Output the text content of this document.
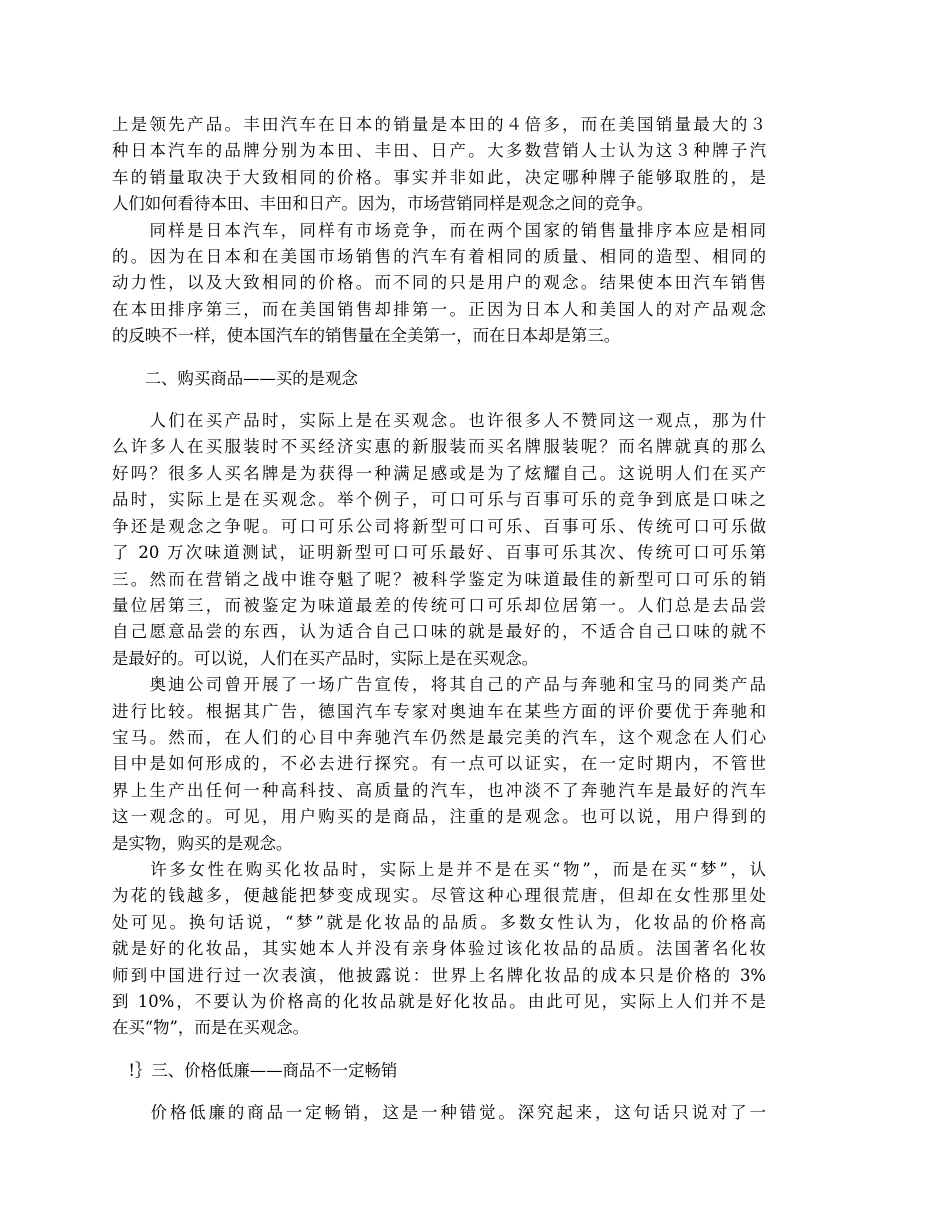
上是领先产品。丰田汽车在日本的销量是本田的４倍多，而在美国销量最大的３
种日本汽车的品牌分别为本田、丰田、日产。大多数营销人士认为这３种牌子汽
车的销量取决于大致相同的价格。事实并非如此，决定哪种牌子能够取胜的，是
人们如何看待本田、丰田和日产。因为，市场营销同样是观念之间的竞争。
　　同样是日本汽车，同样有市场竞争，而在两个国家的销售量排序本应是相同
的。因为在日本和在美国市场销售的汽车有着相同的质量、相同的造型、相同的
动力性，以及大致相同的价格。而不同的只是用户的观念。结果使本田汽车销售
在本田排序第三，而在美国销售却排第一。正因为日本人和美国人的对产品观念
的反映不一样，使本国汽车的销售量在全美第一，而在日本却是第三。
　　二、购买商品——买的是观念
　　人们在买产品时，实际上是在买观念。也许很多人不赞同这一观点，那为什
么许多人在买服装时不买经济实惠的新服装而买名牌服装呢？而名牌就真的那么
好吗？很多人买名牌是为获得一种满足感或是为了炫耀自己。这说明人们在买产
品时，实际上是在买观念。举个例子，可口可乐与百事可乐的竞争到底是口味之
争还是观念之争呢。可口可乐公司将新型可口可乐、百事可乐、传统可口可乐做
了 20 万次味道测试，证明新型可口可乐最好、百事可乐其次、传统可口可乐第
三。然而在营销之战中谁夺魁了呢？被科学鉴定为味道最佳的新型可口可乐的销
量位居第三，而被鉴定为味道最差的传统可口可乐却位居第一。人们总是去品尝
自己愿意品尝的东西，认为适合自己口味的就是最好的，不适合自己口味的就不
是最好的。可以说，人们在买产品时，实际上是在买观念。
　　奥迪公司曾开展了一场广告宣传，将其自己的产品与奔驰和宝马的同类产品
进行比较。根据其广告，德国汽车专家对奥迪车在某些方面的评价要优于奔驰和
宝马。然而，在人们的心目中奔驰汽车仍然是最完美的汽车，这个观念在人们心
目中是如何形成的，不必去进行探究。有一点可以证实，在一定时期内，不管世
界上生产出任何一种高科技、高质量的汽车，也冲淡不了奔驰汽车是最好的汽车
这一观念的。可见，用户购买的是商品，注重的是观念。也可以说，用户得到的
是实物，购买的是观念。
　　许多女性在购买化妆品时，实际上是并不是在买“物”，而是在买“梦”，认
为花的钱越多，便越能把梦变成现实。尽管这种心理很荒唐，但却在女性那里处
处可见。换句话说，“梦”就是化妆品的品质。多数女性认为，化妆品的价格高
就是好的化妆品，其实她本人并没有亲身体验过该化妆品的品质。法国著名化妆
师到中国进行过一次表演，他披露说：世界上名牌化妆品的成本只是价格的 3%
到 10%，不要认为价格高的化妆品就是好化妆品。由此可见，实际上人们并不是
在买“物”，而是在买观念。
　!｝三、价格低廉——商品不一定畅销
　　价格低廉的商品一定畅销，这是一种错觉。深究起来，这句话只说对了一
